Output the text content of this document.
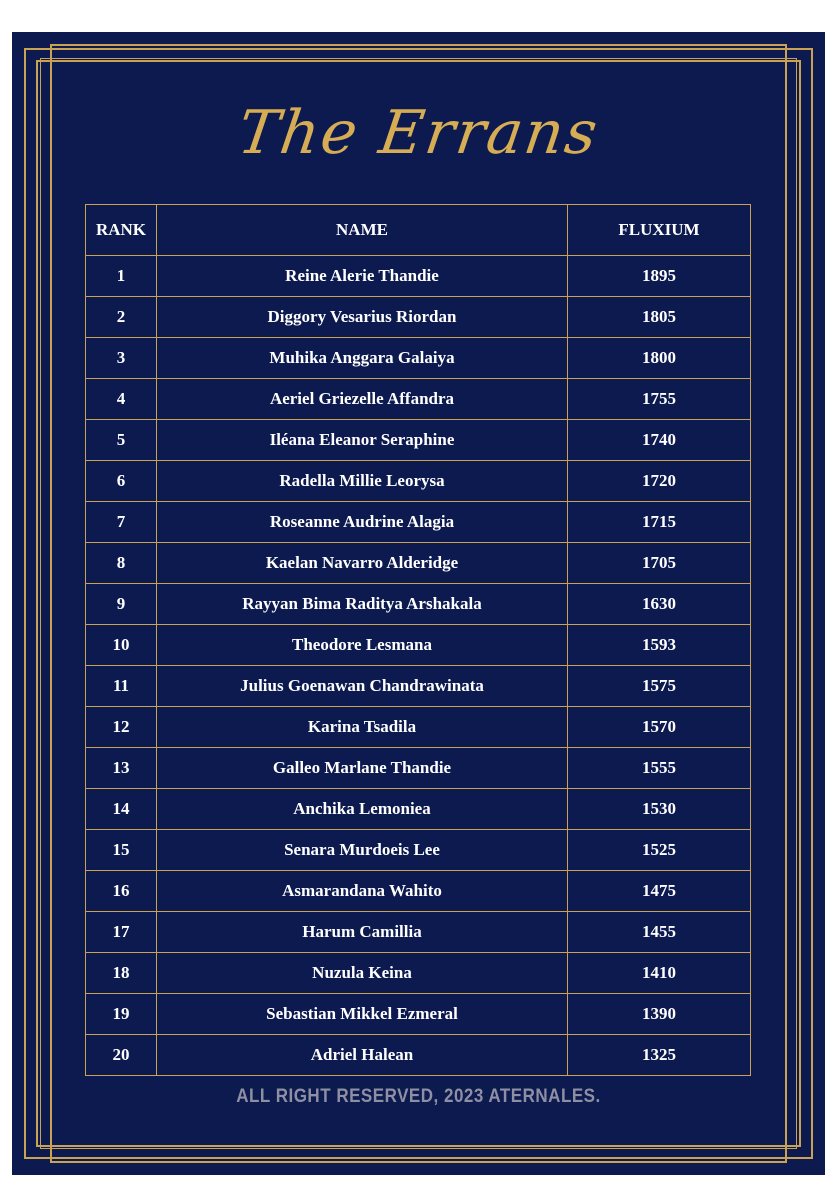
The Errans
RANK	NAME	FLUXIUM
1	Reine Alerie Thandie	1895
2	Diggory Vesarius Riordan	1805
3	Muhika Anggara Galaiya	1800
4	Aeriel Griezelle Affandra	1755
5	Iléana Eleanor Seraphine	1740
6	Radella Millie Leorysa	1720
7	Roseanne Audrine Alagia	1715
8	Kaelan Navarro Alderidge	1705
9	Rayyan Bima Raditya Arshakala	1630
10	Theodore Lesmana	1593
11	Julius Goenawan Chandrawinata	1575
12	Karina Tsadila	1570
13	Galleo Marlane Thandie	1555
14	Anchika Lemoniea	1530
15	Senara Murdoeis Lee	1525
16	Asmarandana Wahito	1475
17	Harum Camillia	1455
18	Nuzula Keina	1410
19	Sebastian Mikkel Ezmeral	1390
20	Adriel Halean	1325
ALL RIGHT RESERVED, 2023 ATERNALES.
